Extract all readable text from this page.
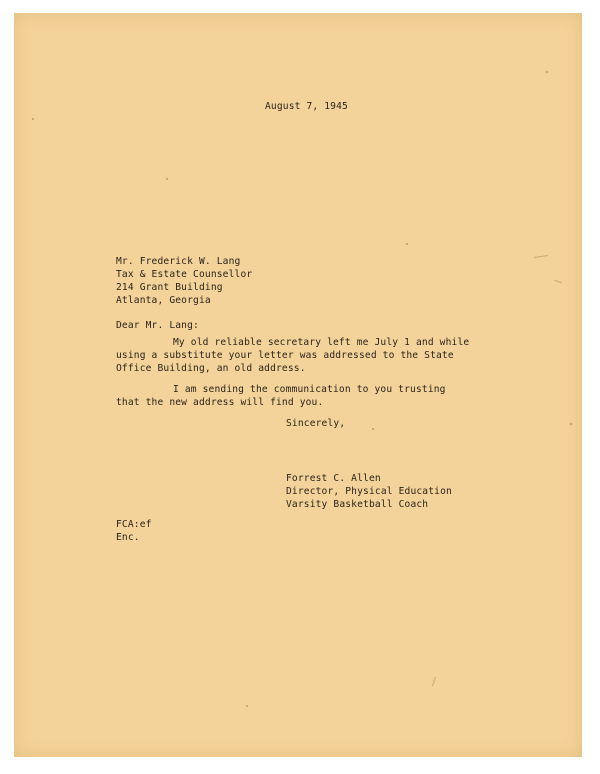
August 7, 1945
Mr. Frederick W. Lang
Tax & Estate Counsellor
214 Grant Building
Atlanta, Georgia
Dear Mr. Lang:
My old reliable secretary left me July 1 and while
using a substitute your letter was addressed to the State
Office Building, an old address.
I am sending the communication to you trusting
that the new address will find you.
Sincerely,
Forrest C. Allen
Director, Physical Education
Varsity Basketball Coach
FCA:ef
Enc.
